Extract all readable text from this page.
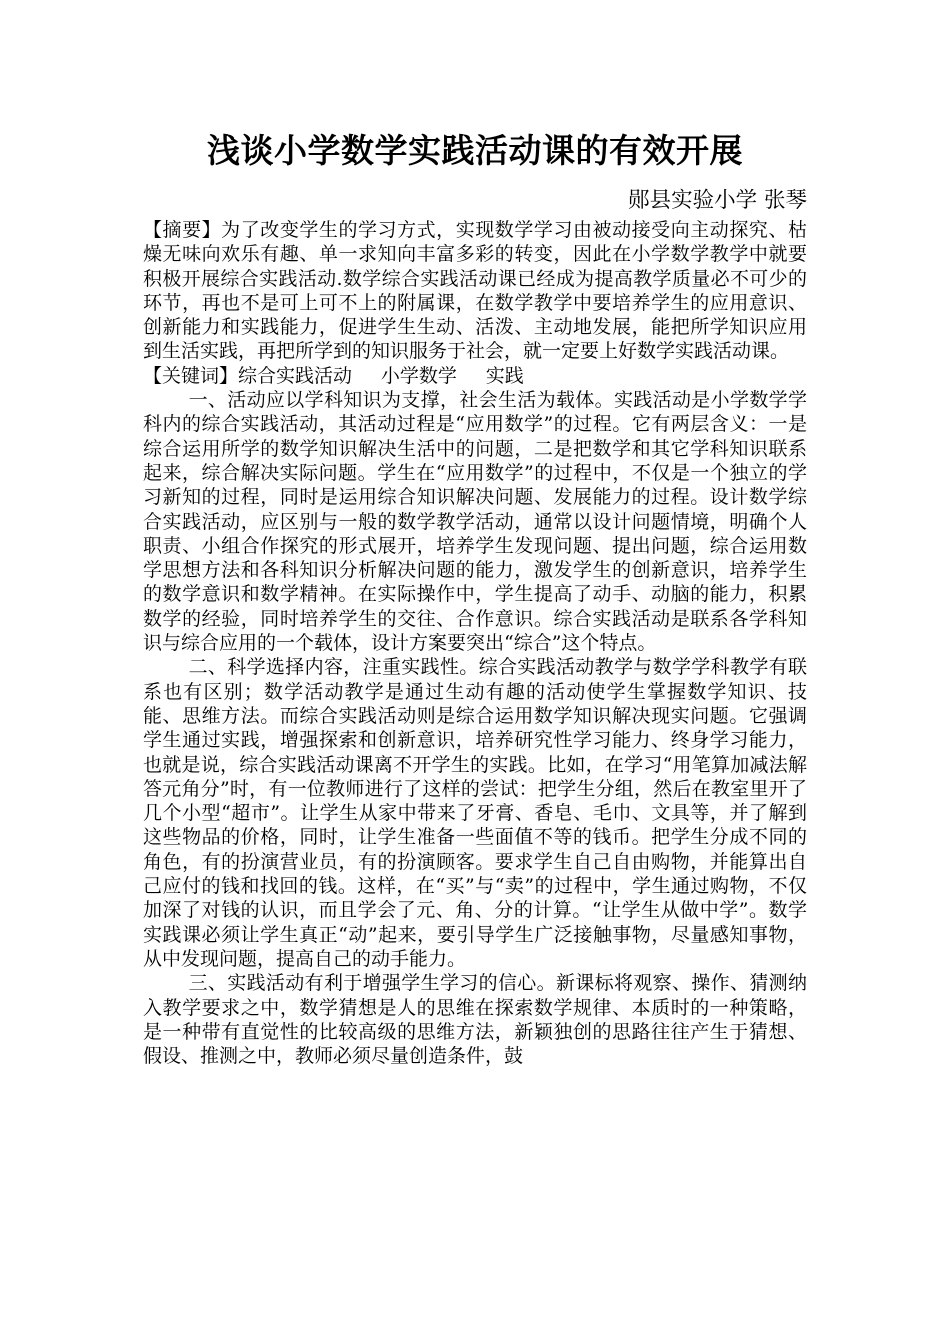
浅谈小学数学实践活动课的有效开展
郧县实验小学 张琴

【摘要】为了改变学生的学习方式，实现数学学习由被动接受向主动探究、枯燥无味向欢乐有趣、单一求知向丰富多彩的转变，因此在小学数学教学中就要积极开展综合实践活动.数学综合实践活动课已经成为提高教学质量必不可少的环节，再也不是可上可不上的附属课，在数学教学中要培养学生的应用意识、创新能力和实践能力，促进学生生动、活泼、主动地发展，能把所学知识应用到生活实践，再把所学到的知识服务于社会，就一定要上好数学实践活动课。

【关键词】综合实践活动 小学数学 实践

一、活动应以学科知识为支撑，社会生活为载体。实践活动是小学数学学科内的综合实践活动，其活动过程是“应用数学”的过程。它有两层含义：一是综合运用所学的数学知识解决生活中的问题，二是把数学和其它学科知识联系起来，综合解决实际问题。学生在“应用数学”的过程中，不仅是一个独立的学习新知的过程，同时是运用综合知识解决问题、发展能力的过程。设计数学综合实践活动，应区别与一般的数学教学活动，通常以设计问题情境，明确个人职责、小组合作探究的形式展开，培养学生发现问题、提出问题，综合运用数学思想方法和各科知识分析解决问题的能力，激发学生的创新意识，培养学生的数学意识和数学精神。在实际操作中，学生提高了动手、动脑的能力，积累数学的经验，同时培养学生的交往、合作意识。综合实践活动是联系各学科知识与综合应用的一个载体，设计方案要突出“综合”这个特点。

二、科学选择内容，注重实践性。综合实践活动教学与数学学科教学有联系也有区别；数学活动教学是通过生动有趣的活动使学生掌握数学知识、技能、思维方法。而综合实践活动则是综合运用数学知识解决现实问题。它强调学生通过实践，增强探索和创新意识，培养研究性学习能力、终身学习能力，也就是说，综合实践活动课离不开学生的实践。比如，在学习“用笔算加减法解答元角分”时，有一位教师进行了这样的尝试：把学生分组，然后在教室里开了几个小型“超市”。让学生从家中带来了牙膏、香皂、毛巾、文具等，并了解到这些物品的价格，同时，让学生准备一些面值不等的钱币。把学生分成不同的角色，有的扮演营业员，有的扮演顾客。要求学生自己自由购物，并能算出自己应付的钱和找回的钱。这样，在“买”与“卖”的过程中，学生通过购物，不仅加深了对钱的认识，而且学会了元、角、分的计算。“让学生从做中学”。数学实践课必须让学生真正“动”起来，要引导学生广泛接触事物，尽量感知事物，从中发现问题，提高自己的动手能力。

三、实践活动有利于增强学生学习的信心。新课标将观察、操作、猜测纳入教学要求之中，数学猜想是人的思维在探索数学规律、本质时的一种策略，是一种带有直觉性的比较高级的思维方法，新颖独创的思路往往产生于猜想、假设、推测之中，教师必须尽量创造条件，鼓
